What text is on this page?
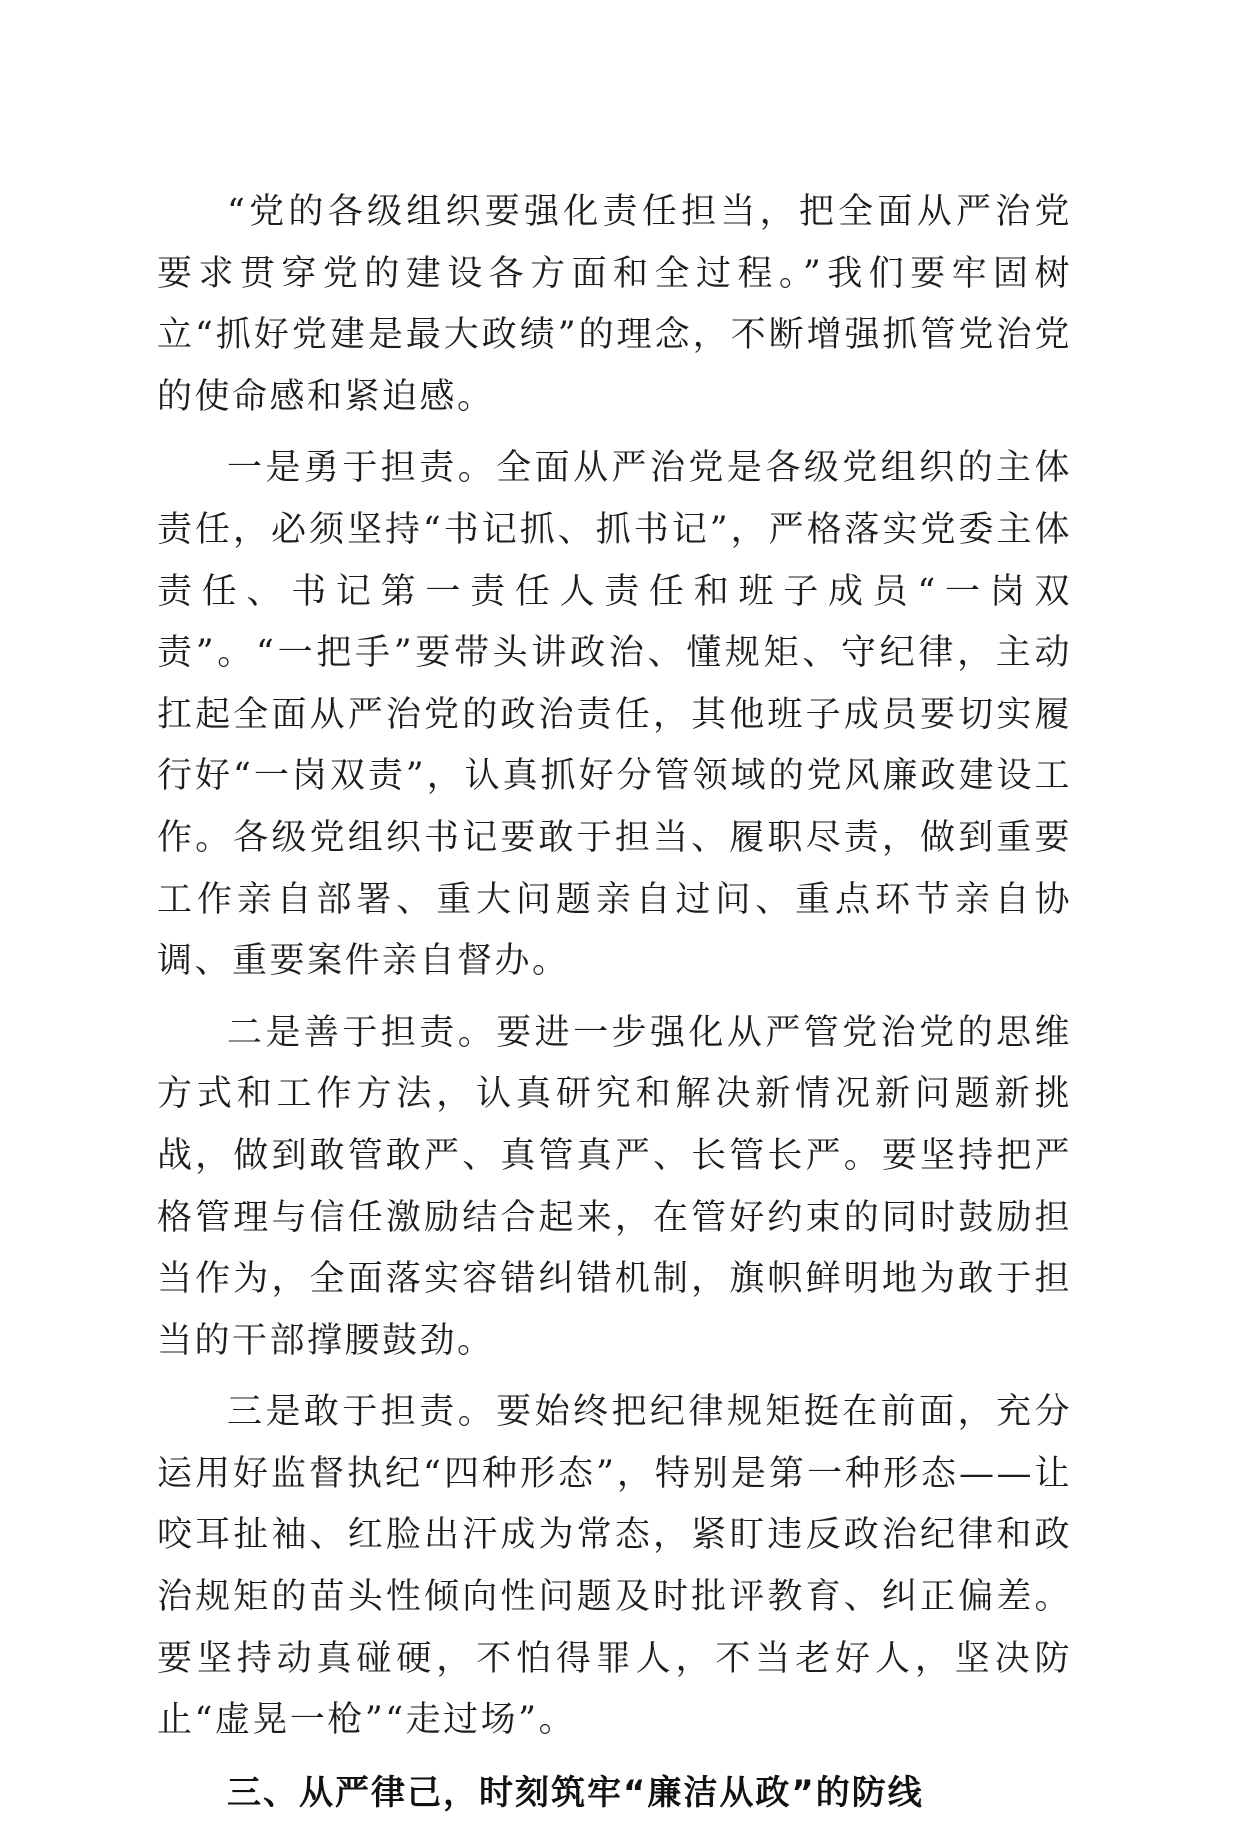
“党的各级组织要强化责任担当，把全面从严治党要求贯穿党的建设各方面和全过程。”我们要牢固树立“抓好党建是最大政绩”的理念，不断增强抓管党治党的使命感和紧迫感。

一是勇于担责。全面从严治党是各级党组织的主体责任，必须坚持“书记抓、抓书记”，严格落实党委主体责任、书记第一责任人责任和班子成员“一岗双责”。“一把手”要带头讲政治、懂规矩、守纪律，主动扛起全面从严治党的政治责任，其他班子成员要切实履行好“一岗双责”，认真抓好分管领域的党风廉政建设工作。各级党组织书记要敢于担当、履职尽责，做到重要工作亲自部署、重大问题亲自过问、重点环节亲自协调、重要案件亲自督办。

二是善于担责。要进一步强化从严管党治党的思维方式和工作方法，认真研究和解决新情况新问题新挑战，做到敢管敢严、真管真严、长管长严。要坚持把严格管理与信任激励结合起来，在管好约束的同时鼓励担当作为，全面落实容错纠错机制，旗帜鲜明地为敢于担当的干部撑腰鼓劲。

三是敢于担责。要始终把纪律规矩挺在前面，充分运用好监督执纪“四种形态”，特别是第一种形态——让咬耳扯袖、红脸出汗成为常态，紧盯违反政治纪律和政治规矩的苗头性倾向性问题及时批评教育、纠正偏差。要坚持动真碰硬，不怕得罪人，不当老好人，坚决防止“虚晃一枪”“走过场”。

三、从严律己，时刻筑牢“廉洁从政”的防线
